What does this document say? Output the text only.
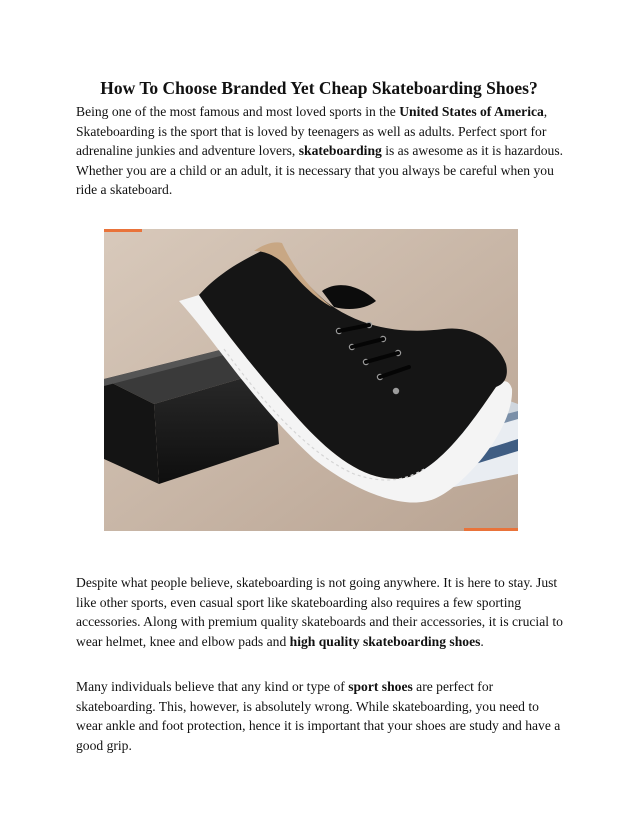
How To Choose Branded Yet Cheap Skateboarding Shoes?

Being one of the most famous and most loved sports in the United States of America, Skateboarding is the sport that is loved by teenagers as well as adults. Perfect sport for adrenaline junkies and adventure lovers, skateboarding is as awesome as it is hazardous. Whether you are a child or an adult, it is necessary that you always be careful when you ride a skateboard.

Despite what people believe, skateboarding is not going anywhere. It is here to stay. Just like other sports, even casual sport like skateboarding also requires a few sporting accessories. Along with premium quality skateboards and their accessories, it is crucial to wear helmet, knee and elbow pads and high quality skateboarding shoes.

Many individuals believe that any kind or type of sport shoes are perfect for skateboarding. This, however, is absolutely wrong. While skateboarding, you need to wear ankle and foot protection, hence it is important that your shoes are study and have a good grip.
